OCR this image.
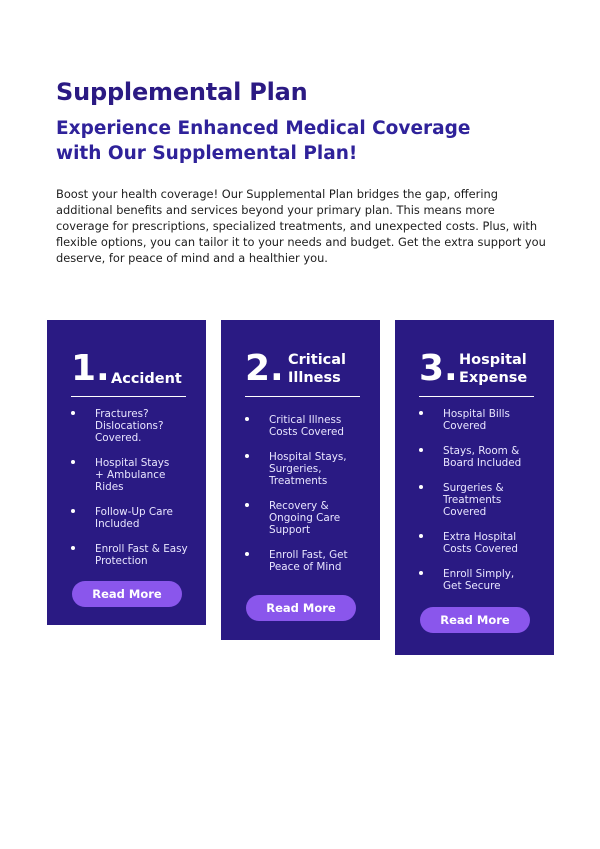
Supplemental Plan
Experience Enhanced Medical Coverage
with Our Supplemental Plan!

Boost your health coverage! Our Supplemental Plan bridges the gap, offering additional benefits and services beyond your primary plan. This means more coverage for prescriptions, specialized treatments, and unexpected costs. Plus, with flexible options, you can tailor it to your needs and budget. Get the extra support you deserve, for peace of mind and a healthier you.

1. Accident
Fractures? Dislocations? Covered.
Hospital Stays + Ambulance Rides
Follow-Up Care Included
Enroll Fast & Easy Protection
Read More
2. Critical
Illness
Critical Illness Costs Covered
Hospital Stays, Surgeries, Treatments
Recovery & Ongoing Care Support
Enroll Fast, Get Peace of Mind
Read More
3. Hospital
Expense
Hospital Bills Covered
Stays, Room & Board Included
Surgeries & Treatments Covered
Extra Hospital Costs Covered
Enroll Simply, Get Secure
Read More
